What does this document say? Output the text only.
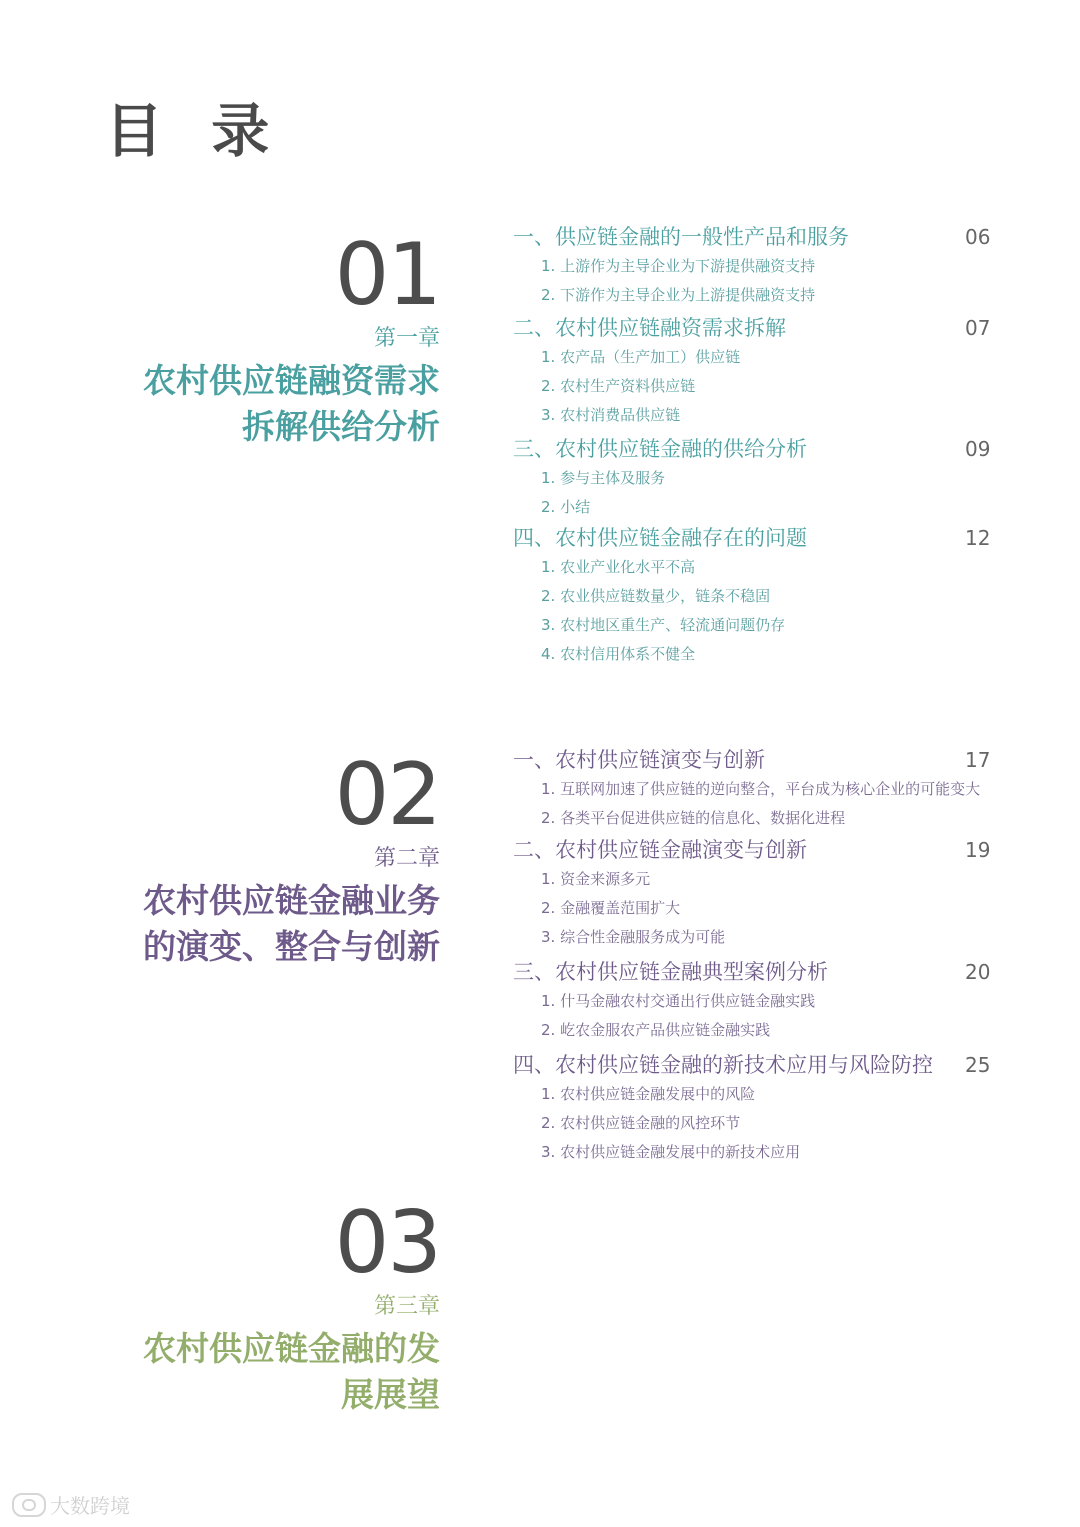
目 录
01
第一章
农村供应链融资需求
拆解供给分析
一、供应链金融的一般性产品和服务	06
1. 上游作为主导企业为下游提供融资支持
2. 下游作为主导企业为上游提供融资支持
二、农村供应链融资需求拆解	07
1. 农产品（生产加工）供应链
2. 农村生产资料供应链
3. 农村消费品供应链
三、农村供应链金融的供给分析	09
1. 参与主体及服务
2. 小结
四、农村供应链金融存在的问题	12
1. 农业产业化水平不高
2. 农业供应链数量少，链条不稳固
3. 农村地区重生产、轻流通问题仍存
4. 农村信用体系不健全
02
第二章
农村供应链金融业务
的演变、整合与创新
一、农村供应链演变与创新	17
1. 互联网加速了供应链的逆向整合，平台成为核心企业的可能变大
2. 各类平台促进供应链的信息化、数据化进程
二、农村供应链金融演变与创新	19
1. 资金来源多元
2. 金融覆盖范围扩大
3. 综合性金融服务成为可能
三、农村供应链金融典型案例分析	20
1. 什马金融农村交通出行供应链金融实践
2. 屹农金服农产品供应链金融实践
四、农村供应链金融的新技术应用与风险防控 25
1. 农村供应链金融发展中的风险
2. 农村供应链金融的风控环节
3. 农村供应链金融发展中的新技术应用
03
第三章
农村供应链金融的发
展展望
大数跨境
